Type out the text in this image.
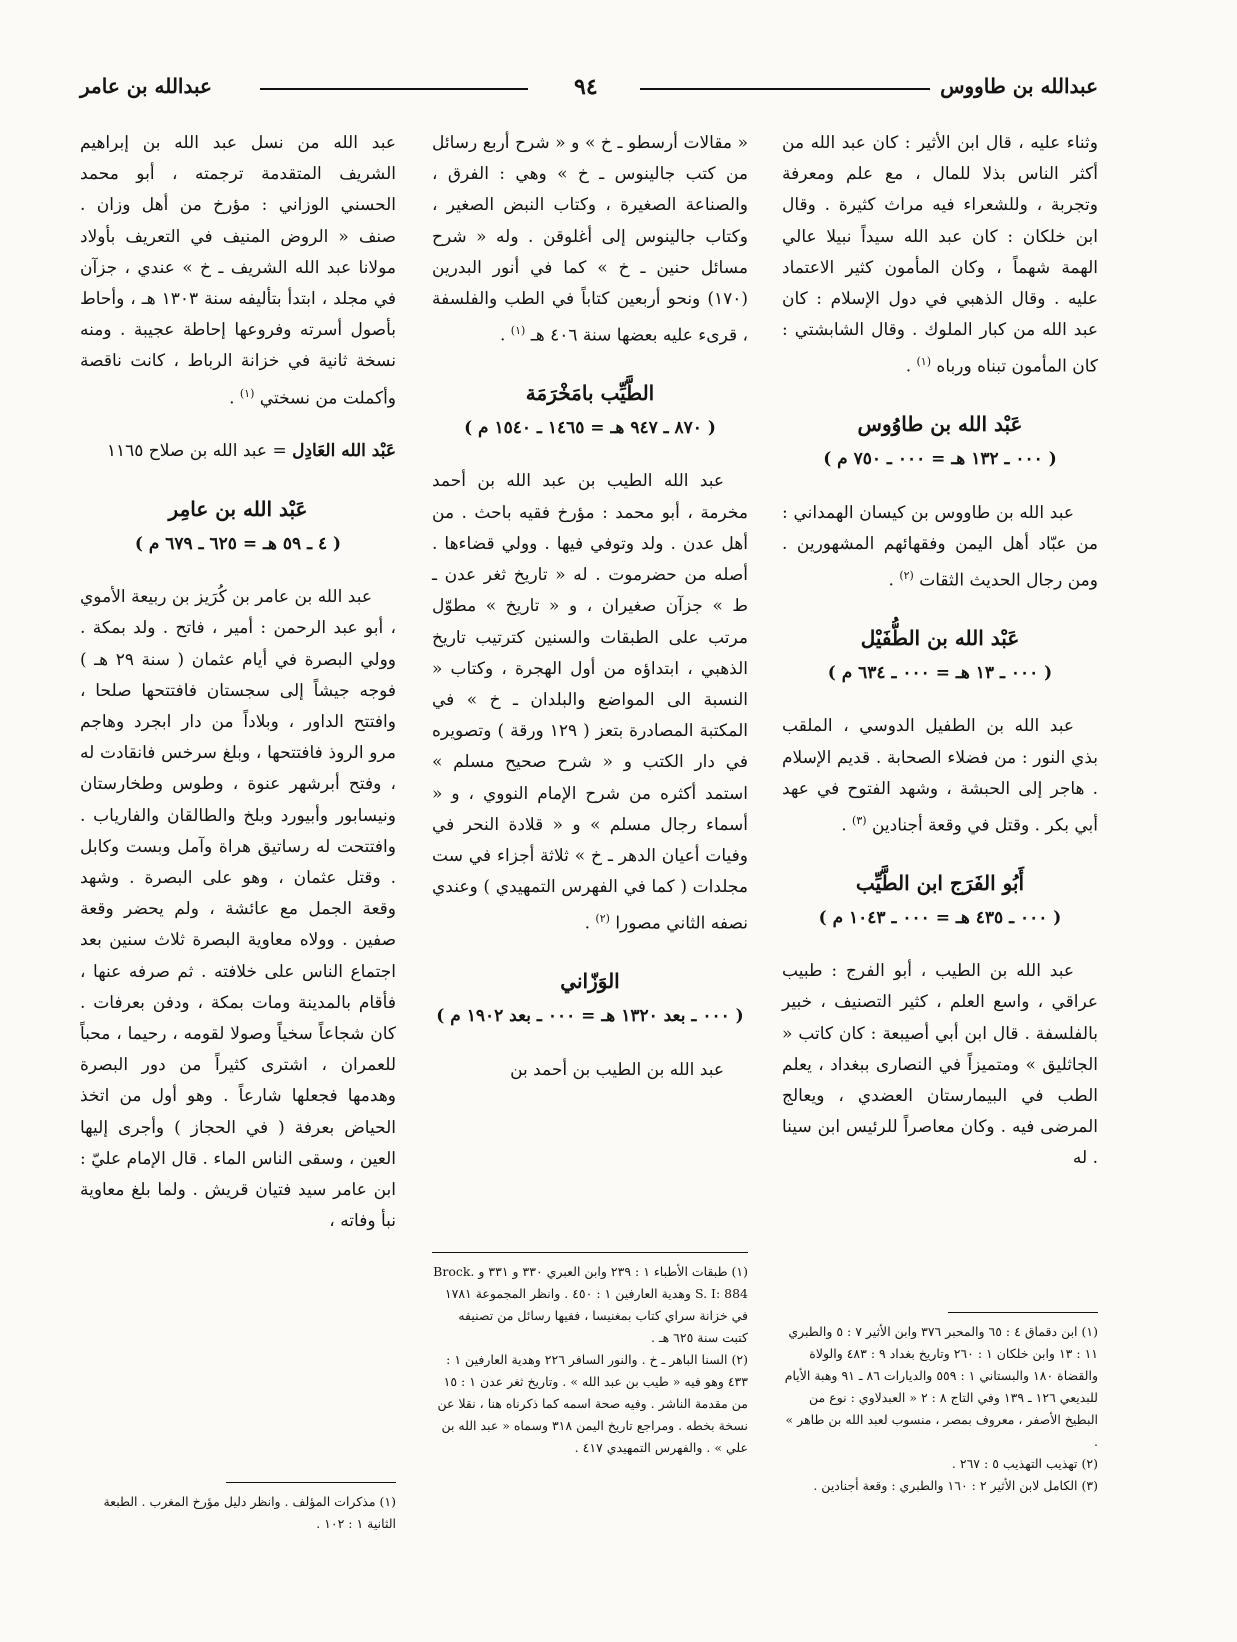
عبدالله بن طاووس
٩٤
عبدالله بن عامر

وثناء عليه ، قال ابن الأثير : كان عبد الله من أكثر الناس بذلا للمال ، مع علم ومعرفة وتجربة ، وللشعراء فيه مراث كثيرة . وقال ابن خلكان : كان عبد الله سيداً نبيلا عالي الهمة شهماً ، وكان المأمون كثير الاعتماد عليه . وقال الذهبي في دول الإسلام : كان عبد الله من كبار الملوك . وقال الشابشتي : كان المأمون تبناه ورباه $^{(١)}$ .

عَبْد الله بن طاوُوس
( ٠٠٠ ـ ١٣٢ هـ = ٠٠٠ ـ ٧٥٠ م )

عبد الله بن طاووس بن كيسان الهمداني : من عبّاد أهل اليمن وفقهائهم المشهورين . ومن رجال الحديث الثقات $^{(٢)}$ .

عَبْد الله بن الطُّفَيْل
( ٠٠٠ ـ ١٣ هـ = ٠٠٠ ـ ٦٣٤ م )

عبد الله بن الطفيل الدوسي ، الملقب بذي النور : من فضلاء الصحابة . قديم الإسلام . هاجر إلى الحبشة ، وشهد الفتوح في عهد أبي بكر . وقتل في وقعة أجنادين $^{(٣)}$ .

أَبُو الفَرَج ابن الطَّيِّب
( ٠٠٠ ـ ٤٣٥ هـ = ٠٠٠ ـ ١٠٤٣ م )

عبد الله بن الطيب ، أبو الفرج : طبيب عراقي ، واسع العلم ، كثير التصنيف ، خبير بالفلسفة . قال ابن أبي أصيبعة : كان كاتب « الجاثليق » ومتميزاً في النصارى ببغداد ، يعلم الطب في البيمارستان العضدي ، ويعالج المرضى فيه . وكان معاصراً للرئيس ابن سينا . له

(١) ابن دقماق ٤ : ٦٥ والمحبر ٣٧٦ وابن الأثير ٧ : ٥ والطبري ١١ : ١٣ وابن خلكان ١ : ٢٦٠ وتاريخ بغداد ٩ : ٤٨٣ والولاة والقضاة ١٨٠ والبستاني ١ : ٥٥٩ والديارات ٨٦ ـ ٩١ وهبة الأيام للبديعي ١٢٦ ـ ١٣٩ وفي التاج ٨ : ٢ « العبدلاوي : نوع من البطيخ الأصفر ، معروف بمصر ، منسوب لعبد الله بن طاهر » .

(٢) تهذيب التهذيب ٥ : ٢٦٧ .

(٣) الكامل لابن الأثير ٢ : ١٦٠ والطبري : وقعة أجنادين .

« مقالات أرسطو ـ خ » و « شرح أربع رسائل من كتب جالينوس ـ خ » وهي : الفرق ، والصناعة الصغيرة ، وكتاب النبض الصغير ، وكتاب جالينوس إلى أغلوقن . وله « شرح مسائل حنين ـ خ » كما في أنور البدرين (١٧٠) ونحو أربعين كتاباً في الطب والفلسفة ، قرىء عليه بعضها سنة ٤٠٦ هـ $^{(١)}$ .

الطَّيِّب بامَخْرَمَة
( ٨٧٠ ـ ٩٤٧ هـ = ١٤٦٥ ـ ١٥٤٠ م )

عبد الله الطيب بن عبد الله بن أحمد مخرمة ، أبو محمد : مؤرخ فقيه باحث . من أهل عدن . ولد وتوفي فيها . وولي قضاءها . أصله من حضرموت . له « تاريخ ثغر عدن ـ ط » جزآن صغيران ، و « تاريخ » مطوّل مرتب على الطبقات والسنين كترتيب تاريخ الذهبي ، ابتداؤه من أول الهجرة ، وكتاب « النسبة الى المواضع والبلدان ـ خ » في المكتبة المصادرة بتعز ( ١٢٩ ورقة ) وتصويره في دار الكتب و « شرح صحيح مسلم » استمد أكثره من شرح الإمام النووي ، و « أسماء رجال مسلم » و « قلادة النحر في وفيات أعيان الدهر ـ خ » ثلاثة أجزاء في ست مجلدات ( كما في الفهرس التمهيدي ) وعندي نصفه الثاني مصورا $^{(٢)}$ .

الوَزّاني
( ٠٠٠ ـ بعد ١٣٢٠ هـ = ٠٠٠ ـ بعد ١٩٠٢ م )

عبد الله بن الطيب بن أحمد بن

(١) طبقات الأطباء ١ : ٢٣٩ وابن العبري ٣٣٠ و ٣٣١ و Brock. S. I: 884 وهدية العارفين ١ : ٤٥٠ . وانظر المجموعة ١٧٨١ في خزانة سراي كتاب بمغنيسا ، ففيها رسائل من تصنيفه كتبت سنة ٦٢٥ هـ .

(٢) السنا الباهر ـ خ . والنور السافر ٢٢٦ وهدية العارفين ١ : ٤٣٣ وهو فيه « طيب بن عبد الله » . وتاريخ ثغر عدن ١ : ١٥ من مقدمة الناشر . وفيه صحة اسمه كما ذكرناه هنا ، نقلا عن نسخة بخطه . ومراجع تاريخ اليمن ٣١٨ وسماه « عبد الله بن علي » . والفهرس التمهيدي ٤١٧ .

عبد الله من نسل عبد الله بن إبراهيم الشريف المتقدمة ترجمته ، أبو محمد الحسني الوزاني : مؤرخ من أهل وزان . صنف « الروض المنيف في التعريف بأولاد مولانا عبد الله الشريف ـ خ » عندي ، جزآن في مجلد ، ابتدأ بتأليفه سنة ١٣٠٣ هـ ، وأحاط بأصول أسرته وفروعها إحاطة عجيبة . ومنه نسخة ثانية في خزانة الرباط ، كانت ناقصة وأكملت من نسختي $^{(١)}$ .

عَبْد الله العَادِل = عبد الله بن صلاح ١١٦٥

عَبْد الله بن عامِر
( ٤ ـ ٥٩ هـ = ٦٢٥ ـ ٦٧٩ م )

عبد الله بن عامر بن كُرَيز بن ربيعة الأموي ، أبو عبد الرحمن : أمير ، فاتح . ولد بمكة . وولي البصرة في أيام عثمان ( سنة ٢٩ هـ ) فوجه جيشاً إلى سجستان فافتتحها صلحا ، وافتتح الداور ، وبلاداً من دار ابجرد وهاجم مرو الروذ فافتتحها ، وبلغ سرخس فانقادت له ، وفتح أبرشهر عنوة ، وطوس وطخارستان ونيسابور وأبيورد وبلخ والطالقان والفارياب . وافتتحت له رساتيق هراة وآمل وبست وكابل . وقتل عثمان ، وهو على البصرة . وشهد وقعة الجمل مع عائشة ، ولم يحضر وقعة صفين . وولاه معاوية البصرة ثلاث سنين بعد اجتماع الناس على خلافته . ثم صرفه عنها ، فأقام بالمدينة ومات بمكة ، ودفن بعرفات . كان شجاعاً سخياً وصولا لقومه ، رحيما ، محباً للعمران ، اشترى كثيراً من دور البصرة وهدمها فجعلها شارعاً . وهو أول من اتخذ الحياض بعرفة ( في الحجاز ) وأجرى إليها العين ، وسقى الناس الماء . قال الإمام عليّ : ابن عامر سيد فتيان قريش . ولما بلغ معاوية نبأ وفاته ،

(١) مذكرات المؤلف . وانظر دليل مؤرخ المغرب . الطبعة الثانية ١ : ١٠٢ .
